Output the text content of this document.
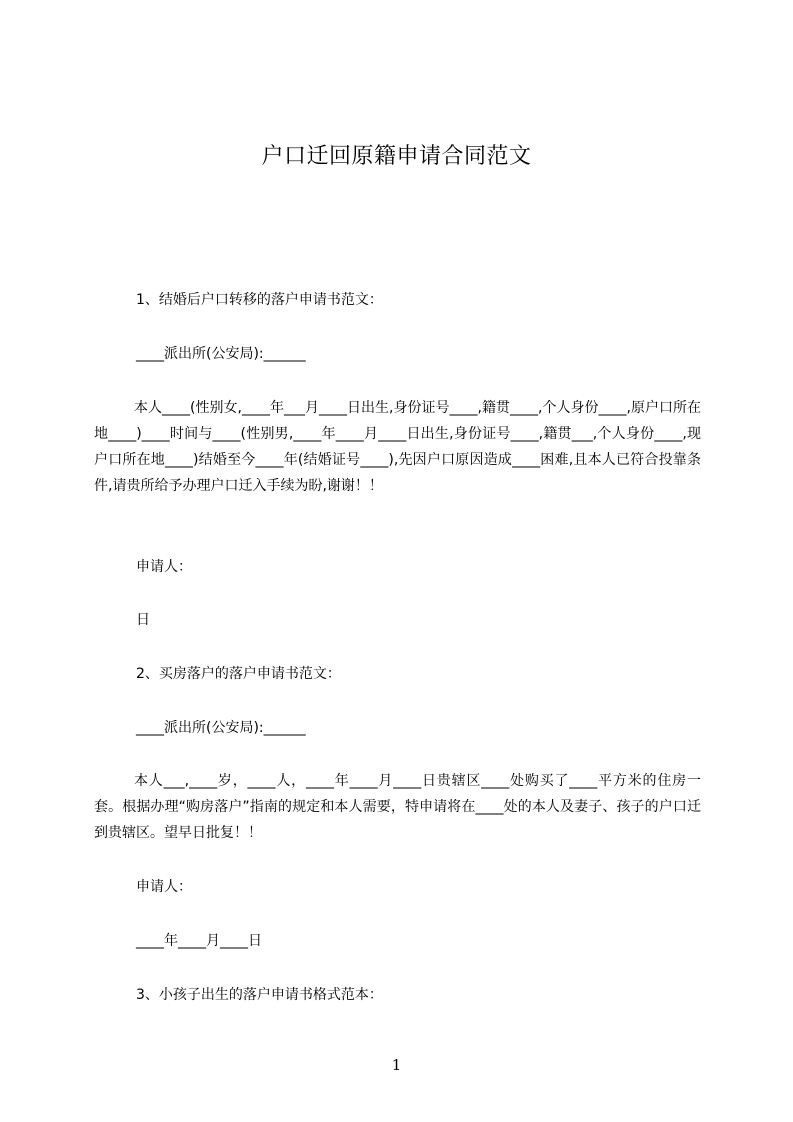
户口迁回原籍申请合同范文
1、结婚后户口转移的落户申请书范文：
____派出所(公安局):______
本人____(性别女,____年___月____日出生,身份证号____,籍贯____,个人身份____,原户口所在地____)____时间与____(性别男,____年____月____日出生,身份证号____,籍贯___,个人身份____,现户口所在地____)结婚至今____年(结婚证号____),先因户口原因造成____困难,且本人已符合投靠条件,请贵所给予办理户口迁入手续为盼,谢谢！！
申请人：
日
2、买房落户的落户申请书范文：
____派出所(公安局):______
本人___,____岁，____人，____年____月____日贵辖区____处购买了____平方米的住房一套。根据办理“购房落户”指南的规定和本人需要，特申请将在____处的本人及妻子、孩子的户口迁到贵辖区。望早日批复！！
申请人：
____年____月____日
3、小孩子出生的落户申请书格式范本：
1
